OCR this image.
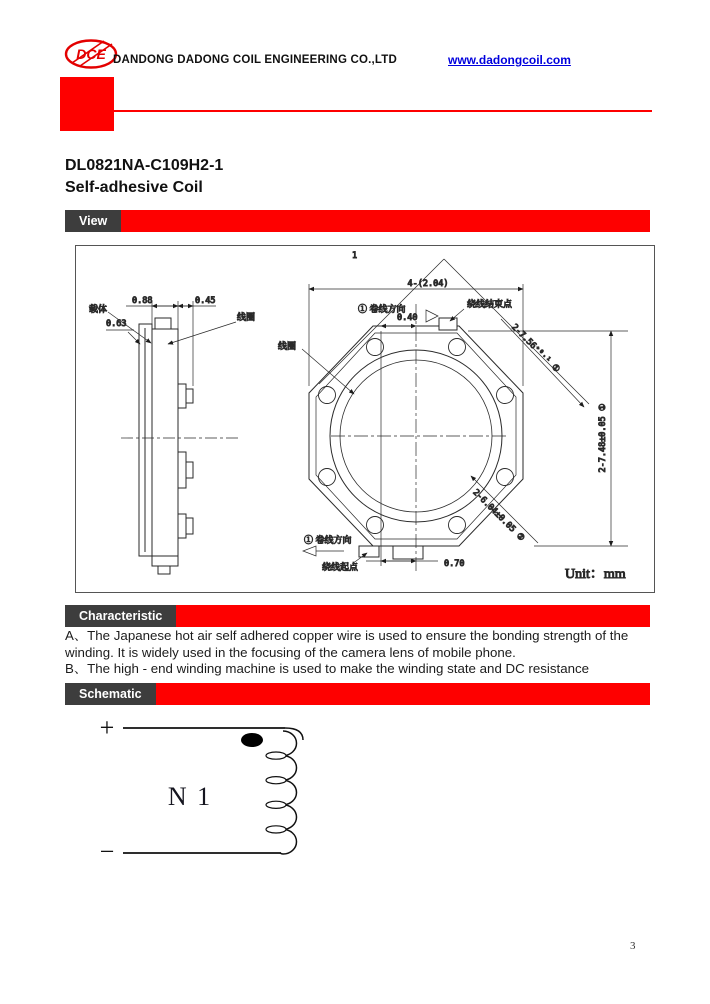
DCE DANDONG DADONG COIL ENGINEERING CO.,LTD	www.dadongcoil.com
DL0821NA-C109H2-1
Self-adhesive Coil
View
0.88	0.45
0.63
载体
线圈
4-(2.04)
0.40
0.70
2-7.56⁺⁰·¹ ①
2-6.04±0.05 ②
2-7.48±0.05 ①
线圈
① 卷线方向	绕线结束点
① 卷线方向
绕线起点
1
Unit：mm
Characteristic

A、The Japanese hot air self adhered copper wire is used to ensure the bonding strength of the winding. It is widely used in the focusing of the camera lens of mobile phone.

B、The high - end winding machine is used to make the winding state and DC resistance

Schematic
+
−
N 1
3
